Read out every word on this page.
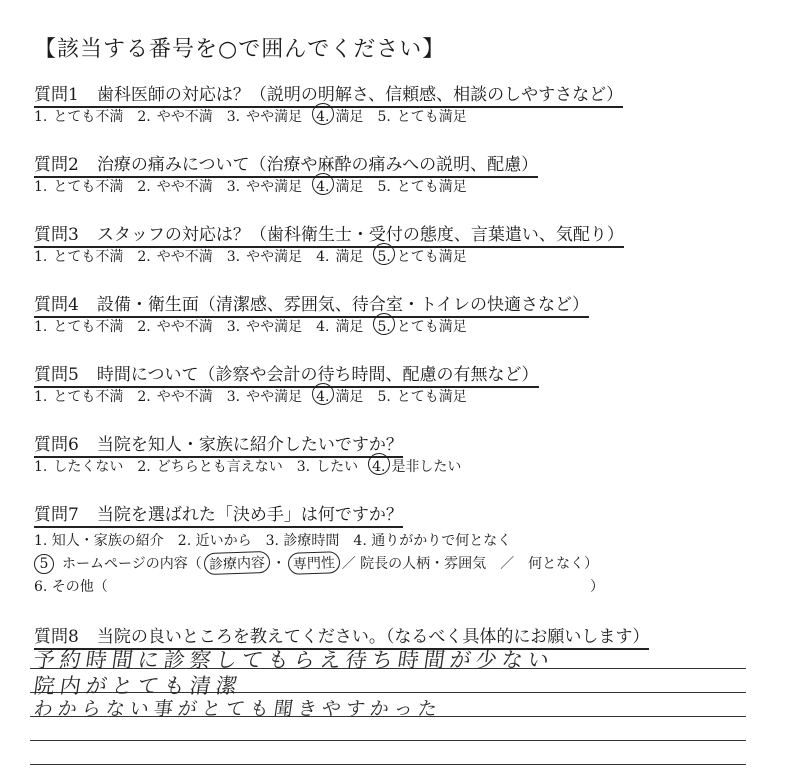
【該当する番号を○で囲んでください】
質問1 歯科医師の対応は？（説明の明解さ、信頼感、相談のしやすさなど）
1. とても不満 2. やや不満 3. やや満足 4. 満足 5. とても満足
質問2 治療の痛みについて（治療や麻酔の痛みへの説明、配慮）
1. とても不満 2. やや不満 3. やや満足 4. 満足 5. とても満足
質問3 スタッフの対応は？（歯科衛生士・受付の態度、言葉遣い、気配り）
1. とても不満 2. やや不満 3. やや満足 4. 満足 5. とても満足
質問4 設備・衛生面（清潔感、雰囲気、待合室・トイレの快適さなど）
1. とても不満 2. やや不満 3. やや満足 4. 満足 5. とても満足
質問5 時間について（診察や会計の待ち時間、配慮の有無など）
1. とても不満 2. やや不満 3. やや満足 4. 満足 5. とても満足
質問6 当院を知人・家族に紹介したいですか？
1. したくない 2. どちらとも言えない 3. したい 4. 是非したい
質問7 当院を選ばれた「決め手」は何ですか？
1. 知人・家族の紹介　2. 近いから　3. 診療時間　4. 通りがかりで何となく
5 ホームページの内容（ 診療内容 ・ 専門性 ／ 院長の人柄・雰囲気　／　何となく）
6. その他（	）
質問8 当院の良いところを教えてください。（なるべく具体的にお願いします）
予約時間に診察してもらえ待ち時間が少ない
院内がとても清潔
わからない事がとても聞きやすかった
